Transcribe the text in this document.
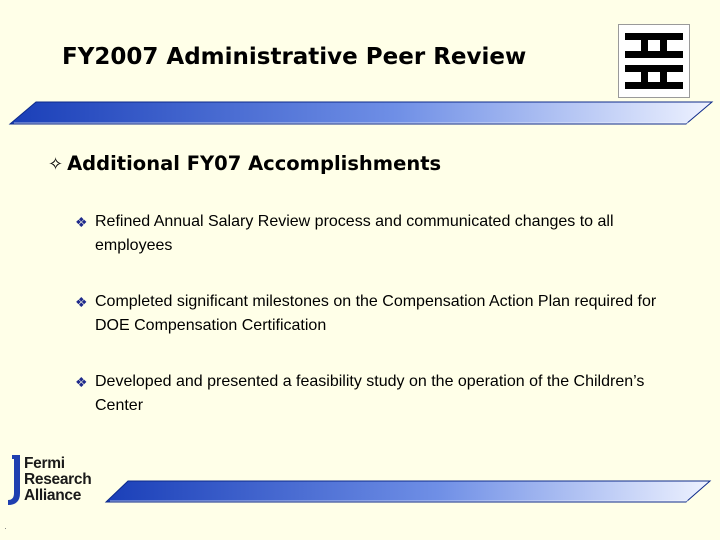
FY2007 Administrative Peer Review
✧ Additional FY07 Accomplishments
❖ Refined Annual Salary Review process and communicated changes to all employees
❖ Completed significant milestones on the Compensation Action Plan required for DOE Compensation Certification
❖ Developed and presented a feasibility study on the operation of the Children’s Center
Fermi
Research
Alliance
